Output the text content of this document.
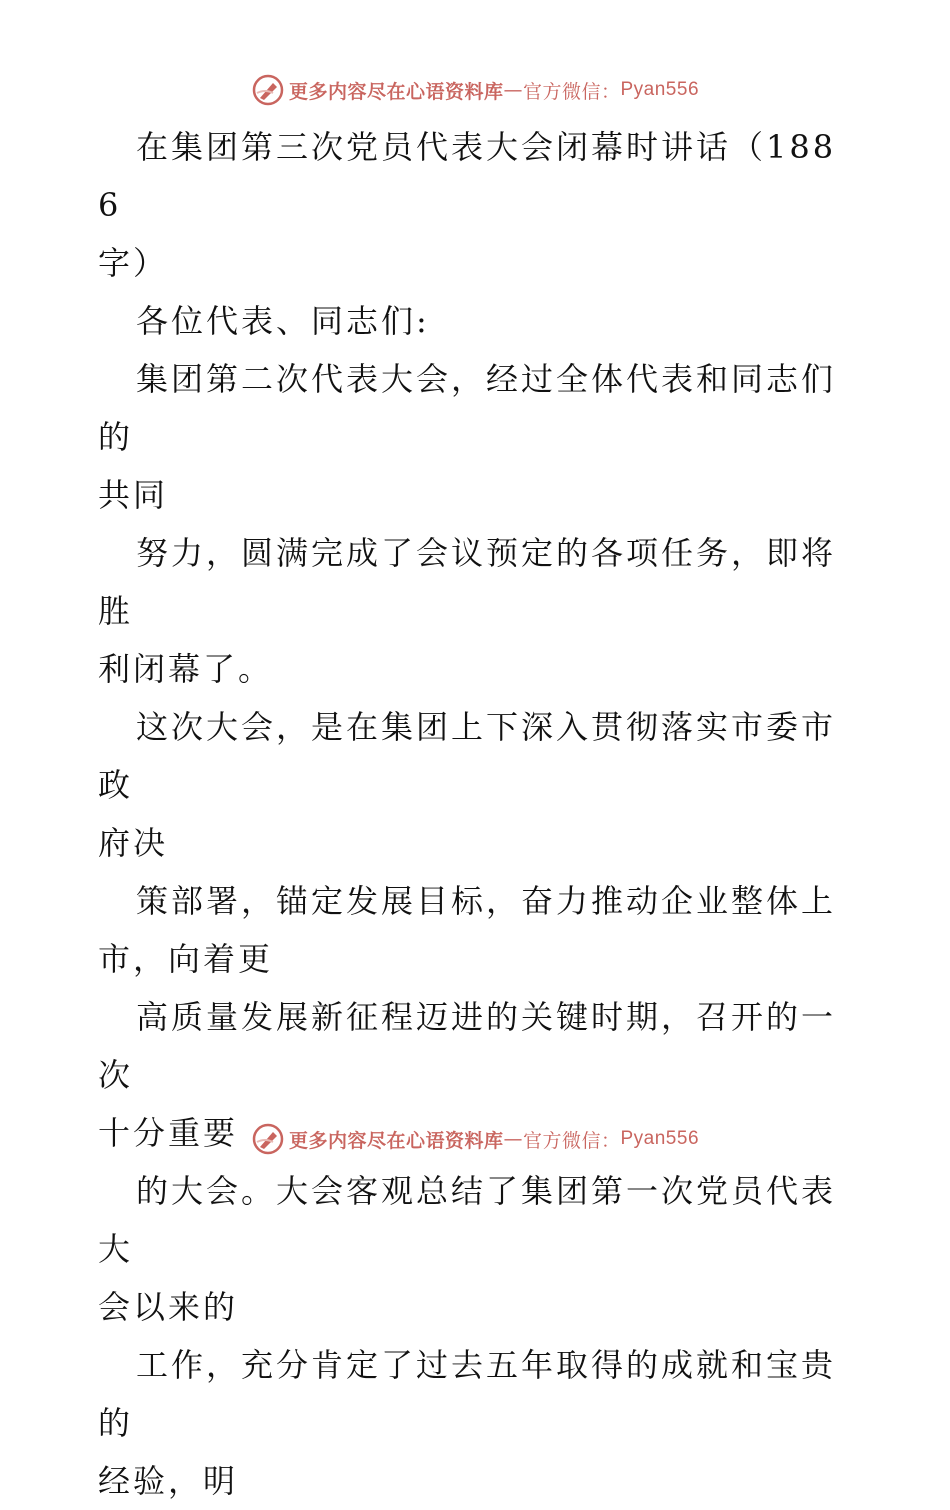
更多内容尽在心语资料库 — 官方微信： Pyan556

在集团第三次党员代表大会闭幕时讲话（1886

字）

各位代表、同志们:

集团第二次代表大会，经过全体代表和同志们的

共同

努力，圆满完成了会议预定的各项任务，即将胜

利闭幕了。

这次大会，是在集团上下深入贯彻落实市委市政

府决

策部署，锚定发展目标，奋力推动企业整体上

市，向着更

高质量发展新征程迈进的关键时期，召开的一次

十分重要

的大会。大会客观总结了集团第一次党员代表大

会以来的

工作，充分肯定了过去五年取得的成就和宝贵的

经验，明

更多内容尽在心语资料库 — 官方微信： Pyan556
